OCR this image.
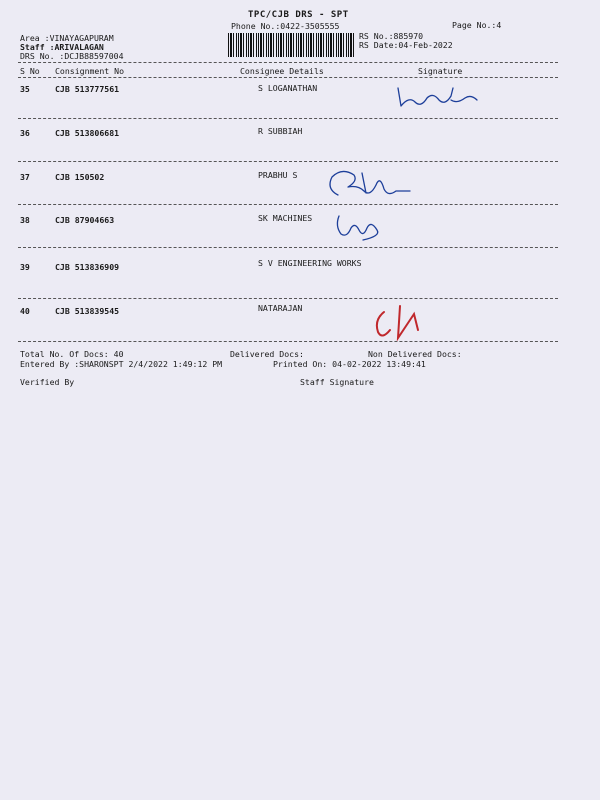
TPC/CJB DRS - SPT
Phone No.:0422-3505555	Page No.:4
Area :VINAYAGAPURAM
Staff :ARIVALAGAN
DRS No. :DCJB88597004
RS No.:885970
RS Date:04-Feb-2022
S No Consignment No	Consignee Details	Signature
35	CJB 513777561	S LOGANATHAN
36	CJB 513806681	R SUBBIAH
L. Varandharmai
37	CJB 150502	PRABHU S
38	CJB 87904663	SK MACHINES
7010127467
39	CJB 513836909	S V ENGINEERING WORKS	S.vengateshan
9791517819
40	CJB 513839545	NATARAJAN
Total No. Of Docs: 40	Delivered Docs:	Non Delivered Docs:
Entered By :SHARONSPT 2/4/2022 1:49:12 PM	Printed On: 04-02-2022 13:49:41
Verified By	Staff Signature
